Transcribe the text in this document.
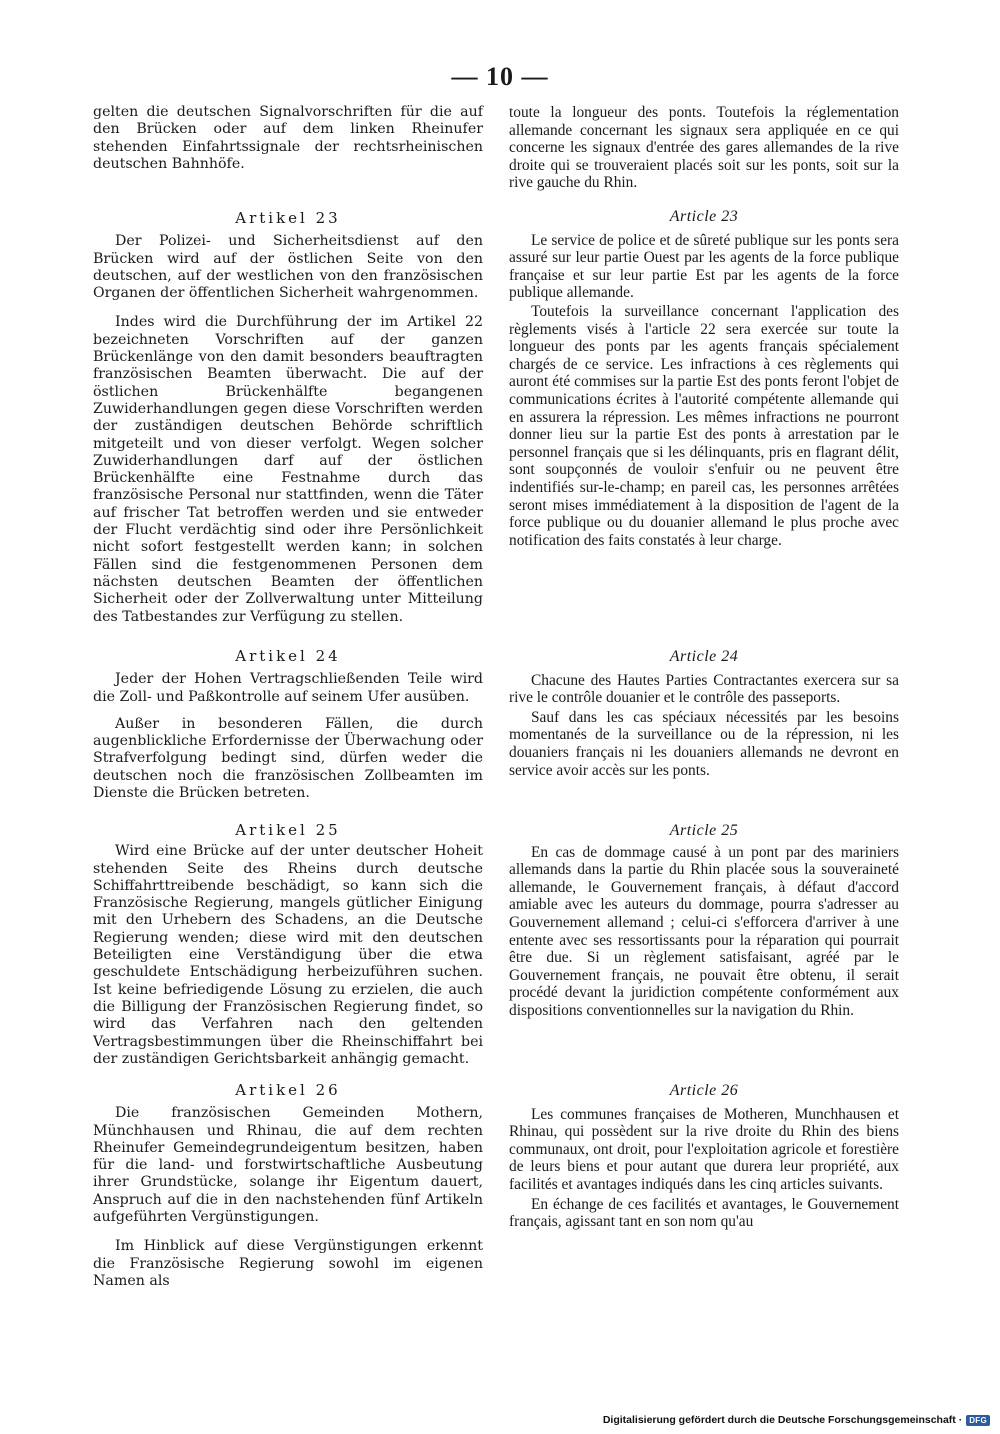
— 10 —

gelten die deutschen Signalvorschriften für die auf den Brücken oder auf dem linken Rheinufer stehenden Einfahrtssignale der rechtsrheinischen deutschen Bahnhöfe.

Artikel 23

Der Polizei- und Sicherheitsdienst auf den Brücken wird auf der östlichen Seite von den deutschen, auf der westlichen von den französischen Organen der öffentlichen Sicherheit wahrgenommen.

Indes wird die Durchführung der im Artikel 22 bezeichneten Vorschriften auf der ganzen Brückenlänge von den damit besonders beauftragten französischen Beamten überwacht. Die auf der östlichen Brückenhälfte begangenen Zuwiderhandlungen gegen diese Vorschriften werden der zuständigen deutschen Behörde schriftlich mitgeteilt und von dieser verfolgt. Wegen solcher Zuwiderhandlungen darf auf der östlichen Brückenhälfte eine Festnahme durch das französische Personal nur stattfinden, wenn die Täter auf frischer Tat betroffen werden und sie entweder der Flucht verdächtig sind oder ihre Persönlichkeit nicht sofort festgestellt werden kann; in solchen Fällen sind die festgenommenen Personen dem nächsten deutschen Beamten der öffentlichen Sicherheit oder der Zollverwaltung unter Mitteilung des Tatbestandes zur Verfügung zu stellen.

Artikel 24

Jeder der Hohen Vertragschließenden Teile wird die Zoll- und Paßkontrolle auf seinem Ufer ausüben.

Außer in besonderen Fällen, die durch augenblickliche Erfordernisse der Überwachung oder Strafverfolgung bedingt sind, dürfen weder die deutschen noch die französischen Zollbeamten im Dienste die Brücken betreten.

Artikel 25

Wird eine Brücke auf der unter deutscher Hoheit stehenden Seite des Rheins durch deutsche Schiffahrttreibende beschädigt, so kann sich die Französische Regierung, mangels gütlicher Einigung mit den Urhebern des Schadens, an die Deutsche Regierung wenden; diese wird mit den deutschen Beteiligten eine Verständigung über die etwa geschuldete Entschädigung herbeizuführen suchen. Ist keine befriedigende Lösung zu erzielen, die auch die Billigung der Französischen Regierung findet, so wird das Verfahren nach den geltenden Vertragsbestimmungen über die Rheinschiffahrt bei der zuständigen Gerichtsbarkeit anhängig gemacht.

Artikel 26

Die französischen Gemeinden Mothern, Münchhausen und Rhinau, die auf dem rechten Rheinufer Gemeindegrundeigentum besitzen, haben für die land- und forstwirtschaftliche Ausbeutung ihrer Grundstücke, solange ihr Eigentum dauert, Anspruch auf die in den nachstehenden fünf Artikeln aufgeführten Vergünstigungen.

Im Hinblick auf diese Vergünstigungen erkennt die Französische Regierung sowohl im eigenen Namen als

toute la longueur des ponts. Toutefois la réglementation allemande concernant les signaux sera appliquée en ce qui concerne les signaux d'entrée des gares allemandes de la rive droite qui se trouveraient placés soit sur les ponts, soit sur la rive gauche du Rhin.

Article 23

Le service de police et de sûreté publique sur les ponts sera assuré sur leur partie Ouest par les agents de la force publique française et sur leur partie Est par les agents de la force publique allemande.

Toutefois la surveillance concernant l'application des règlements visés à l'article 22 sera exercée sur toute la longueur des ponts par les agents français spécialement chargés de ce service. Les infractions à ces règlements qui auront été commises sur la partie Est des ponts feront l'objet de communications écrites à l'autorité compétente allemande qui en assurera la répression. Les mêmes infractions ne pourront donner lieu sur la partie Est des ponts à arrestation par le personnel français que si les délinquants, pris en flagrant délit, sont soupçonnés de vouloir s'enfuir ou ne peuvent être indentifiés sur-le-champ; en pareil cas, les personnes arrêtées seront mises immédiatement à la disposition de l'agent de la force publique ou du douanier allemand le plus proche avec notification des faits constatés à leur charge.

Article 24

Chacune des Hautes Parties Contractantes exercera sur sa rive le contrôle douanier et le contrôle des passeports.

Sauf dans les cas spéciaux nécessités par les besoins momentanés de la surveillance ou de la répression, ni les douaniers français ni les douaniers allemands ne devront en service avoir accès sur les ponts.

Article 25

En cas de dommage causé à un pont par des mariniers allemands dans la partie du Rhin placée sous la souveraineté allemande, le Gouvernement français, à défaut d'accord amiable avec les auteurs du dommage, pourra s'adresser au Gouvernement allemand ; celui-ci s'efforcera d'arriver à une entente avec ses ressortissants pour la réparation qui pourrait être due. Si un règlement satisfaisant, agréé par le Gouvernement français, ne pouvait être obtenu, il serait procédé devant la juridiction compétente conformément aux dispositions conventionnelles sur la navigation du Rhin.

Article 26

Les communes françaises de Motheren, Munchhausen et Rhinau, qui possèdent sur la rive droite du Rhin des biens communaux, ont droit, pour l'exploitation agricole et forestière de leurs biens et pour autant que durera leur propriété, aux facilités et avantages indiqués dans les cinq articles suivants.

En échange de ces facilités et avantages, le Gouvernement français, agissant tant en son nom qu'au

Digitalisierung gefördert durch die Deutsche Forschungsgemeinschaft · DFG
